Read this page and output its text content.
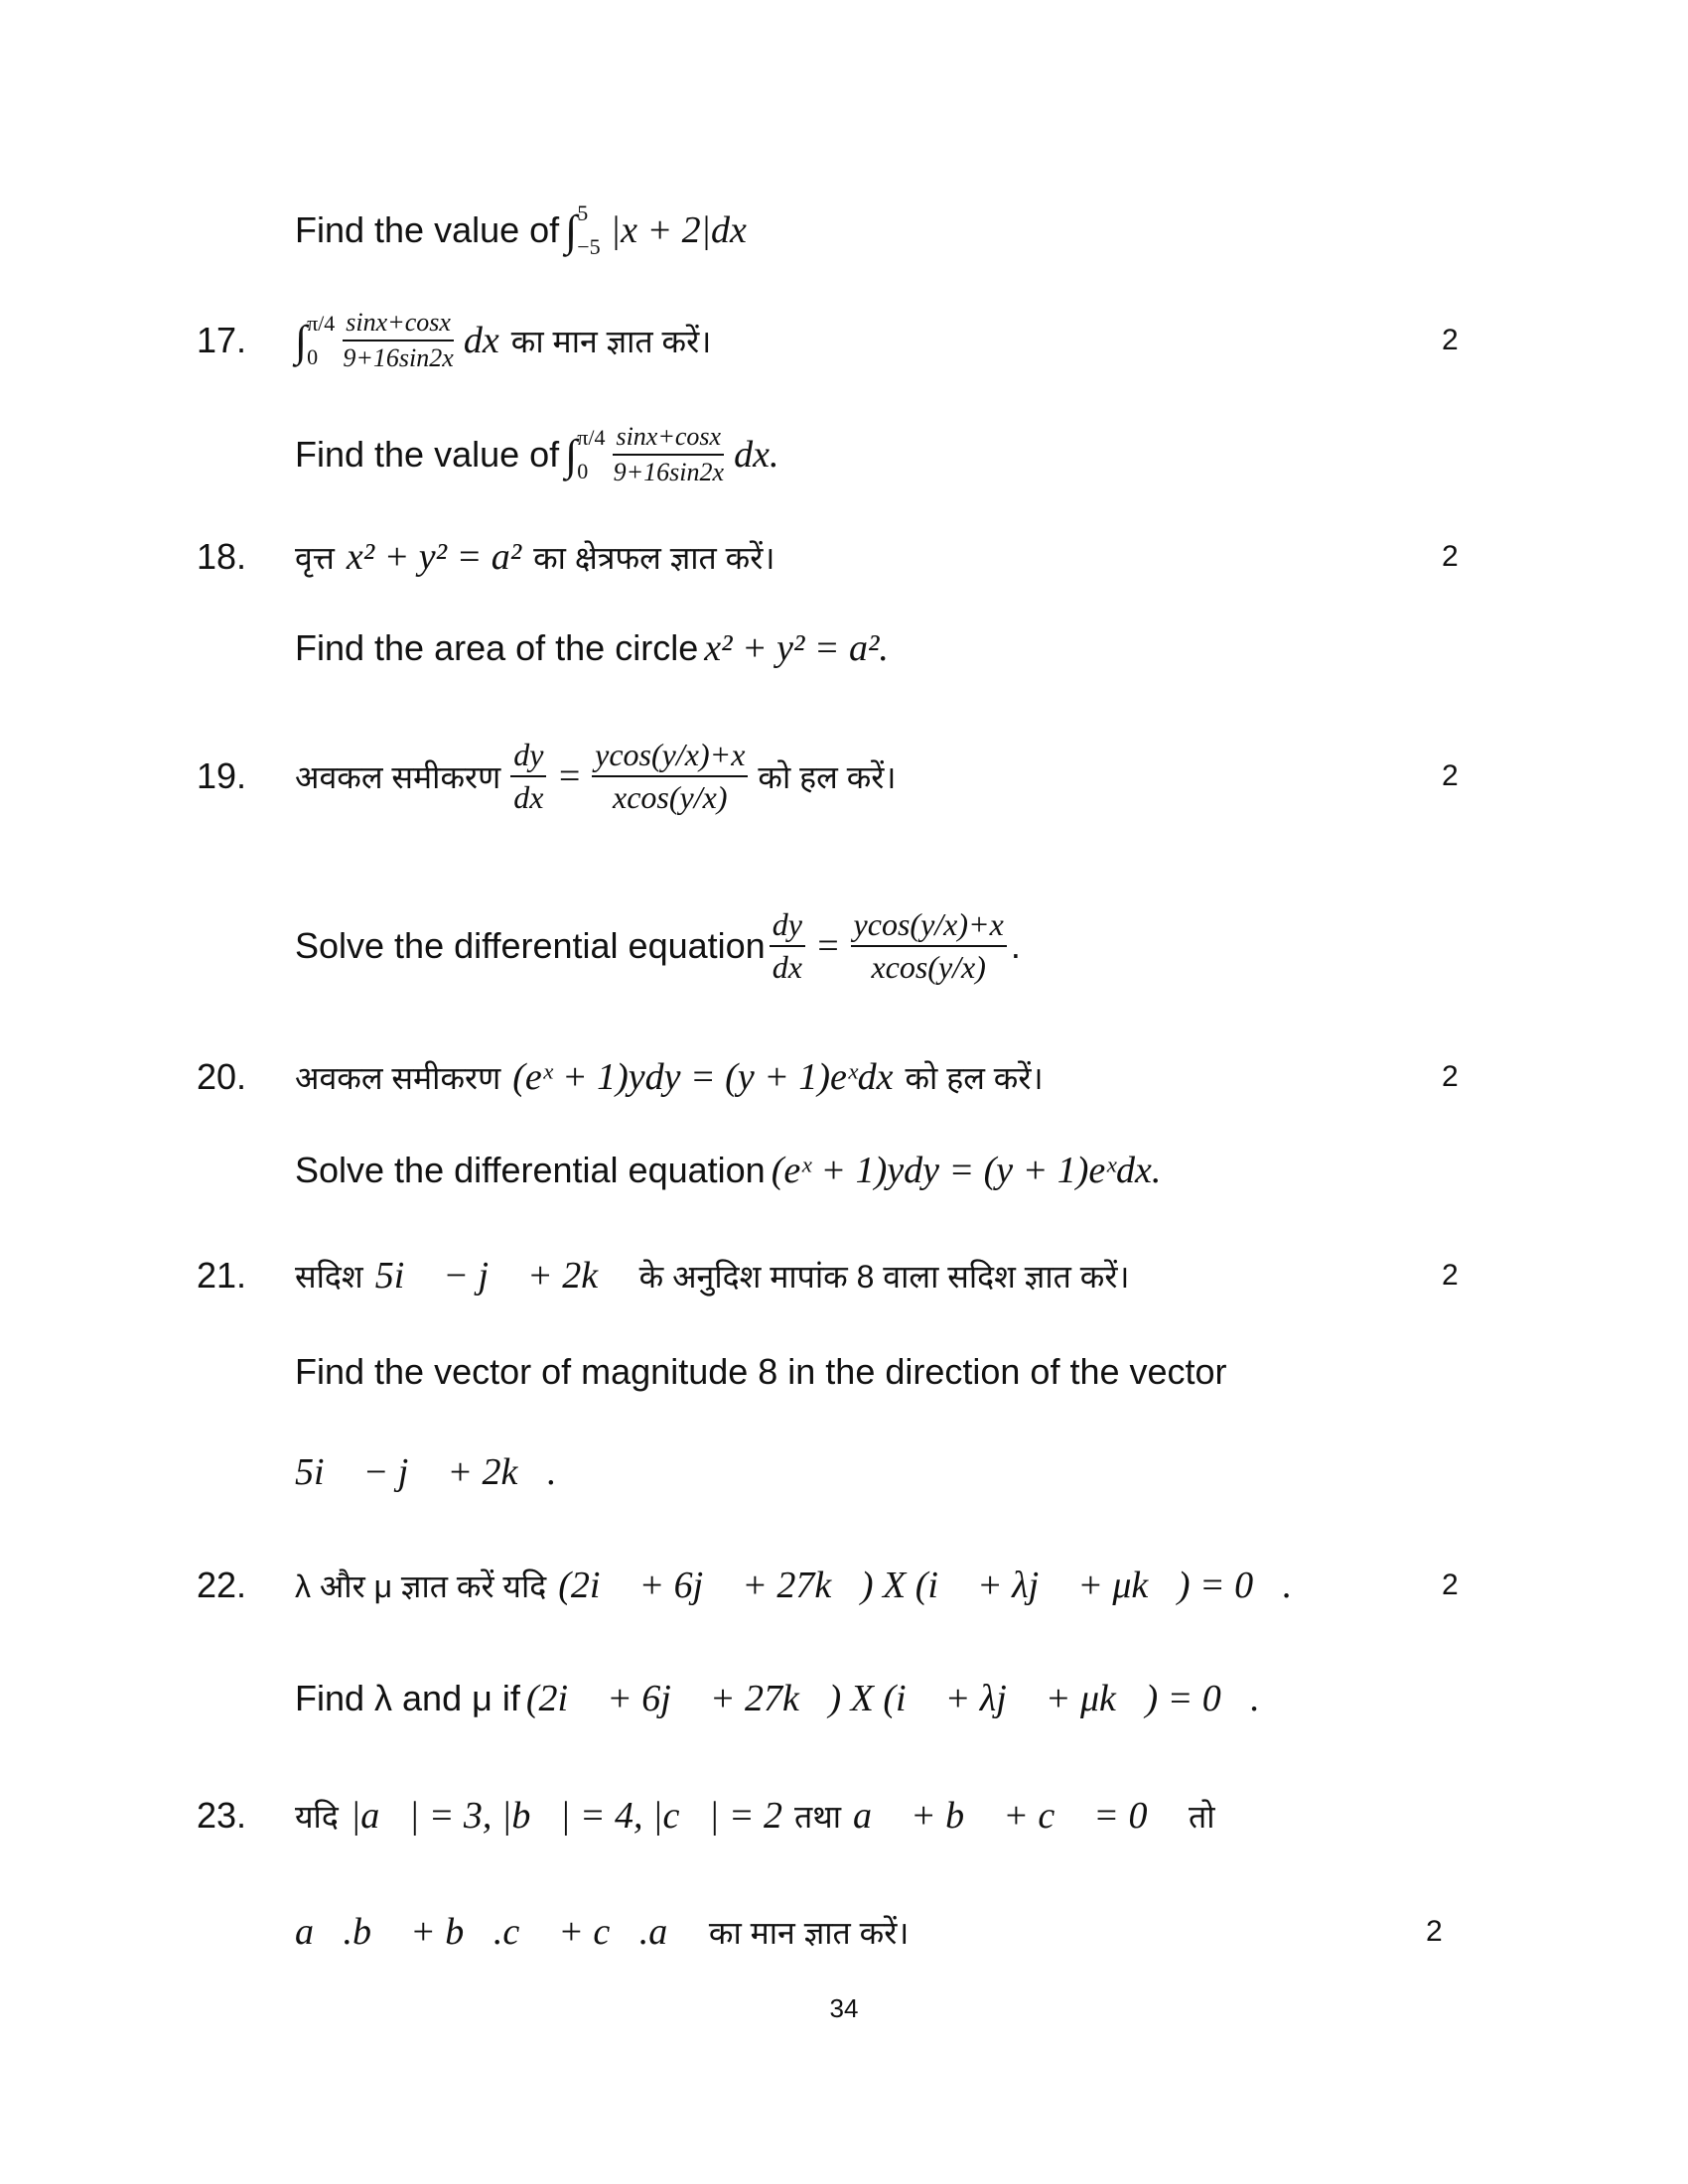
Find the value of ∫ 5
−5 |x + 2|dx
17. ∫ π/4
$0 \frac{\sin x+\cos x}{9+16\sin 2x}$ dx का मान ज्ञात करें।	2
Find the value of ∫ π/4
$0 \frac{\sin x+\cos x}{9+16\sin 2x}$ dx.
18. वृत्त x² + y² = a² का क्षेत्रफल ज्ञात करें।	2
Find the area of the circle x² + y² = a².
19. अवकल समीकरण $\frac{dy}{dx} = \frac{ycos(y/x)+x}{xcos(y/x)}$ को हल करें।	2
Solve the differential equation $\frac{dy}{dx} = \frac{ycos(y/x)+x}{xcos(y/x)}$ .
20. अवकल समीकरण (eˣ + 1)ydy = (y + 1)eˣdx को हल करें।	2
Solve the differential equation (eˣ + 1)ydy = (y + 1)eˣdx.
21. सदिश 5i⃗ − j⃗ + 2k⃗ के अनुदिश मापांक 8 वाला सदिश ज्ञात करें।	2
Find the vector of magnitude 8 in the direction of the vector
5i⃗ − j⃗ + 2k⃗.
22. λ और μ ज्ञात करें यदि (2i⃗ + 6j⃗ + 27k⃗) X (i⃗ + λj⃗ + μk⃗) = 0⃗.	2
Find λ and μ if (2i⃗ + 6j⃗ + 27k⃗) X (i⃗ + λj⃗ + μk⃗) = 0⃗.
23. यदि |a⃗| = 3, |b⃗| = 4, |c⃗| = 2 तथा a⃗ + b⃗ + c⃗ = 0⃗ तो
a⃗.b⃗ + b⃗.c⃗ + c⃗.a⃗ का मान ज्ञात करें।	2
34
